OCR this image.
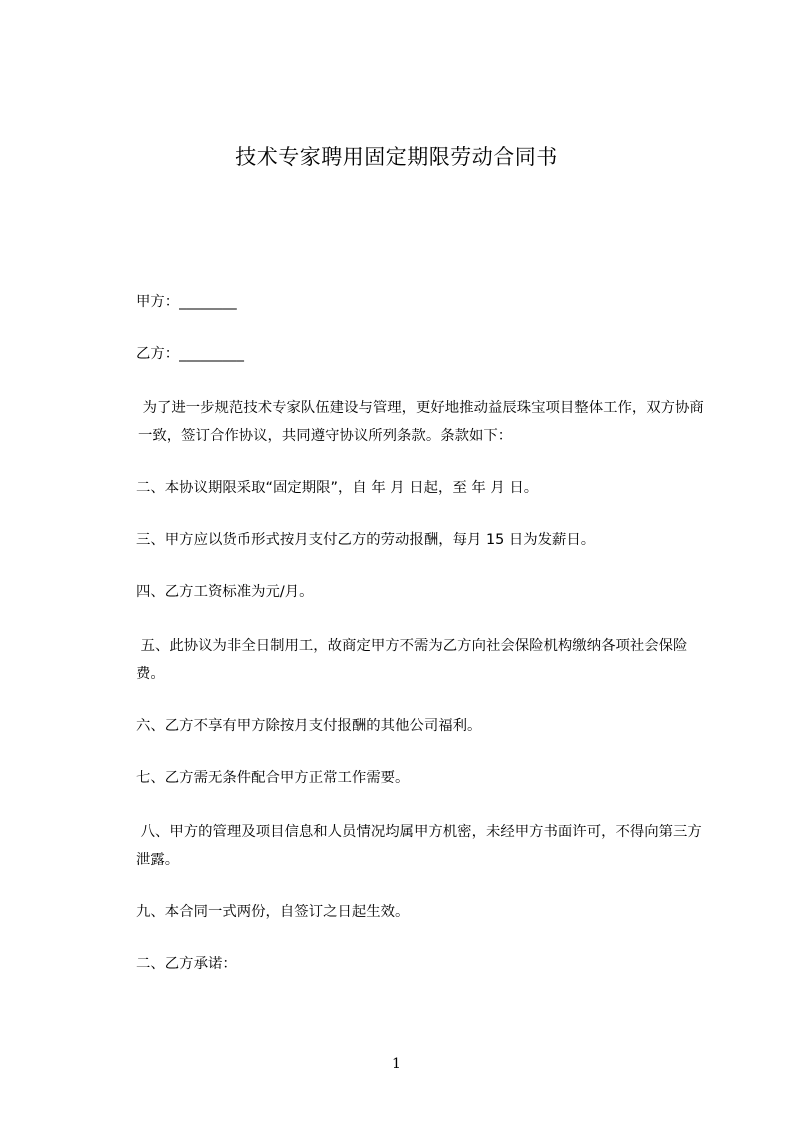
技术专家聘用固定期限劳动合同书

甲方：________

乙方：_________

为了进一步规范技术专家队伍建设与管理，更好地推动益辰珠宝项目整体工作，双方协商一致，签订合作协议，共同遵守协议所列条款。条款如下：

二、本协议期限采取“固定期限”，自 年 月 日起，至 年 月 日。

三、甲方应以货币形式按月支付乙方的劳动报酬，每月 15 日为发薪日。

四、乙方工资标准为元/月。

五、此协议为非全日制用工，故商定甲方不需为乙方向社会保险机构缴纳各项社会保险费。

六、乙方不享有甲方除按月支付报酬的其他公司福利。

七、乙方需无条件配合甲方正常工作需要。

八、甲方的管理及项目信息和人员情况均属甲方机密，未经甲方书面许可，不得向第三方泄露。

九、本合同一式两份，自签订之日起生效。

二、乙方承诺：

1
